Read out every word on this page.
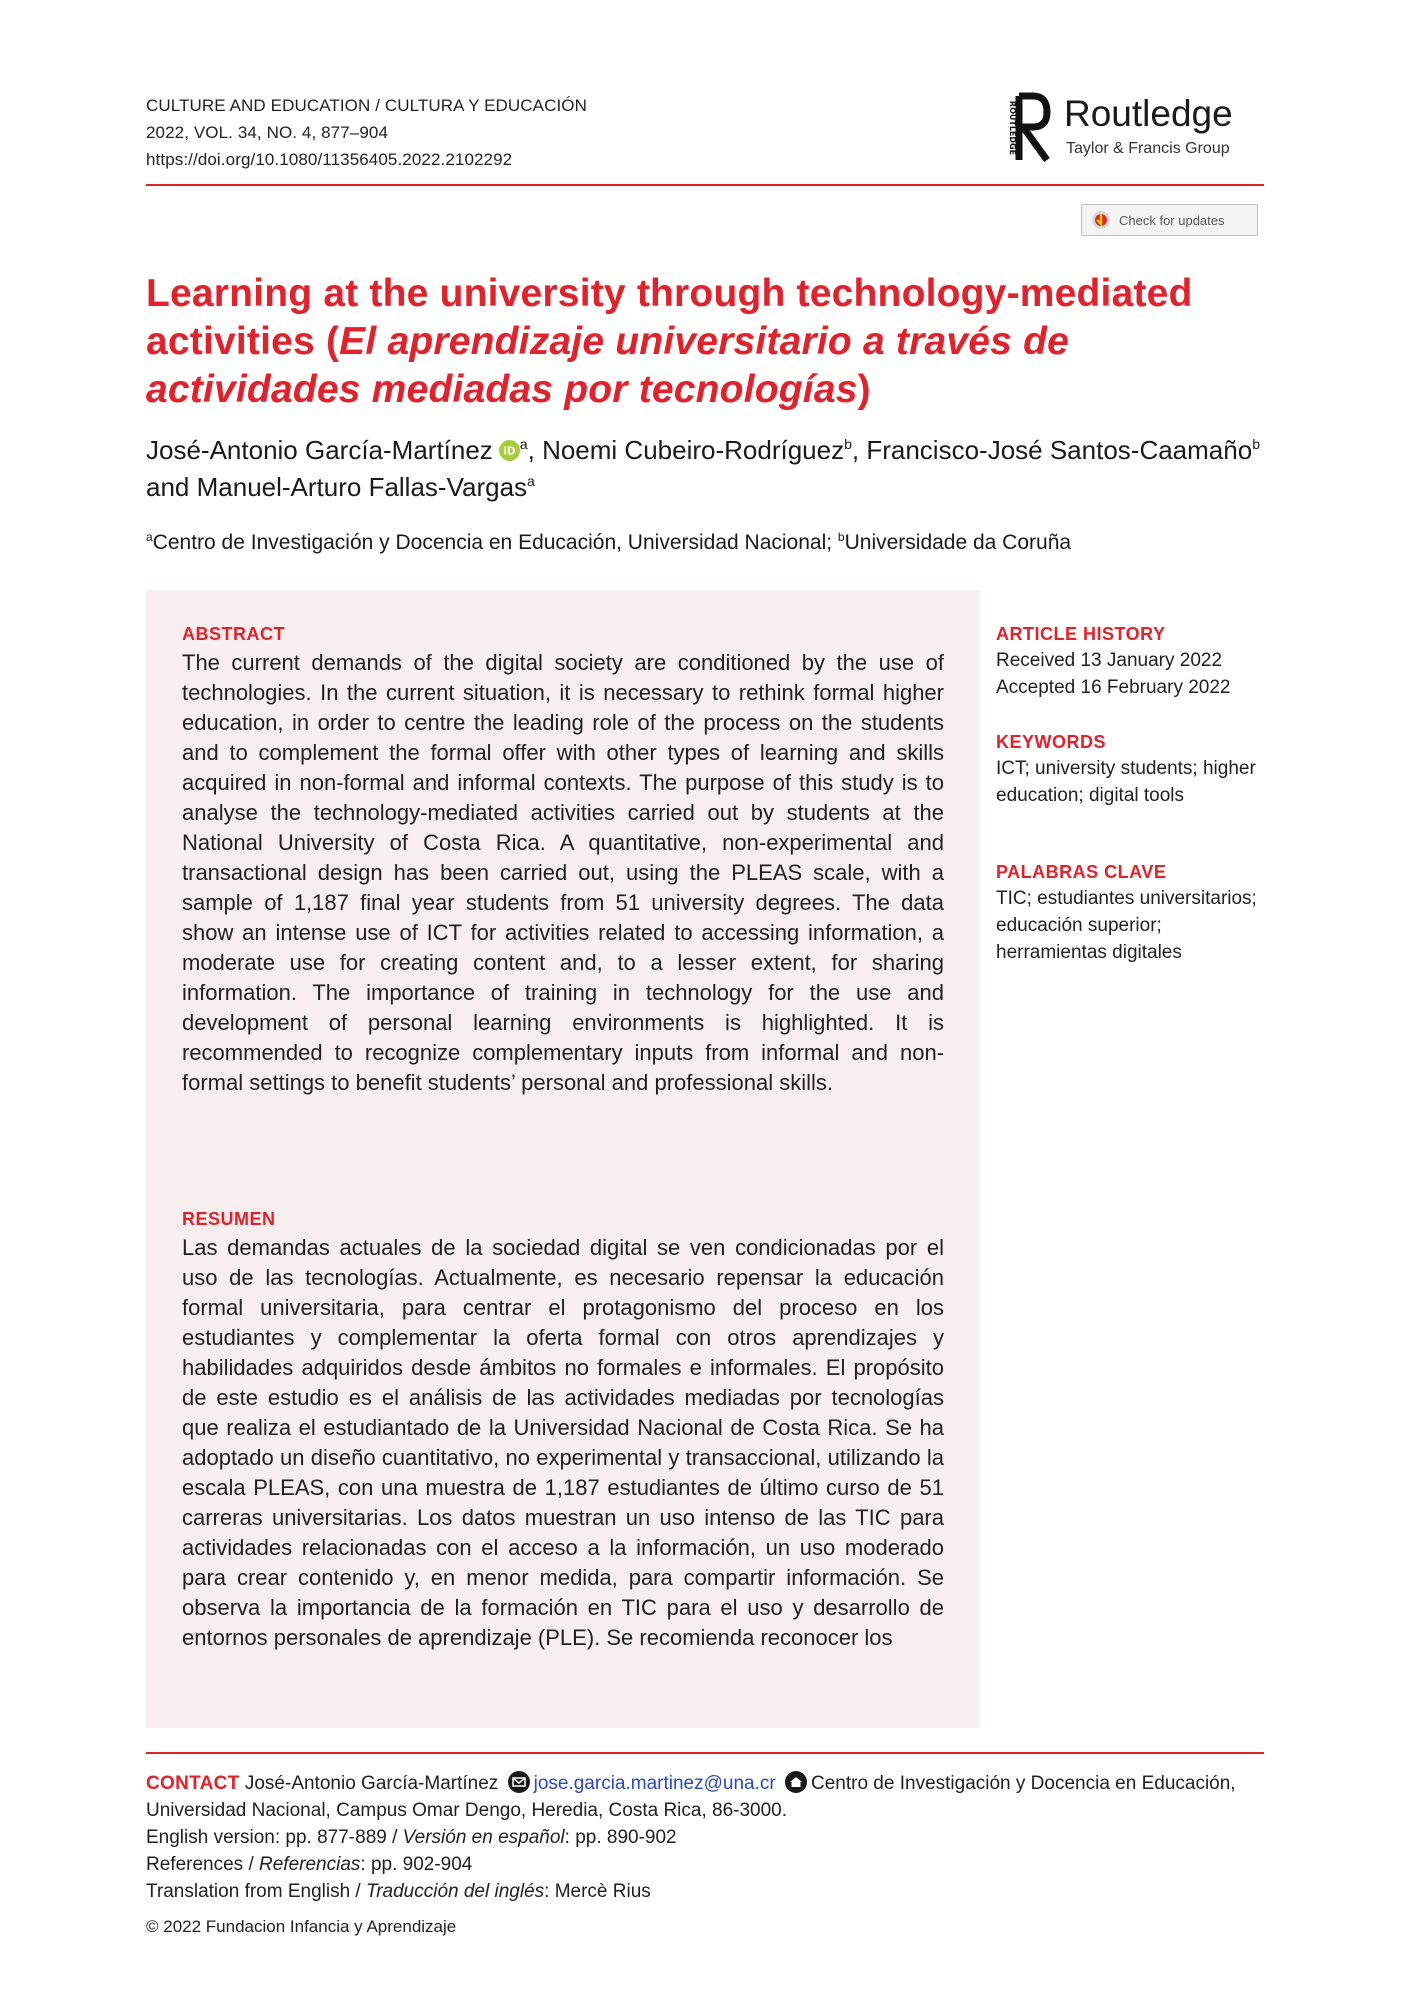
CULTURE AND EDUCATION / CULTURA Y EDUCACIÓN
2022, VOL. 34, NO. 4, 877–904
https://doi.org/10.1080/11356405.2022.2102292
ROUTLEDGE Routledge
Taylor & Francis Group
Check for updates
Learning at the university through technology-mediated activities (El aprendizaje universitario a través de actividades mediadas por tecnologías)
José-Antonio García-Martínez iD $^a$, Noemi Cubeiro-Rodríguez$^b$, Francisco-José Santos-Caamaño$^b$ and Manuel-Arturo Fallas-Vargas$^a$
$^a$Centro de Investigación y Docencia en Educación, Universidad Nacional; $^b$Universidade da Coruña
ABSTRACT
The current demands of the digital society are conditioned by the use of technologies. In the current situation, it is necessary to rethink formal higher education, in order to centre the leading role of the process on the students and to complement the formal offer with other types of learning and skills acquired in non-formal and informal contexts. The purpose of this study is to analyse the technology-mediated activities carried out by students at the National University of Costa Rica. A quantitative, non-experimental and transactional design has been carried out, using the PLEAS scale, with a sample of 1,187 final year students from 51 university degrees. The data show an intense use of ICT for activities related to accessing information, a moderate use for creating content and, to a lesser extent, for sharing information. The importance of training in technology for the use and development of personal learning environments is highlighted. It is recommended to recognize complementary inputs from informal and non-formal settings to benefit students’ personal and professional skills.
RESUMEN
Las demandas actuales de la sociedad digital se ven condicionadas por el uso de las tecnologías. Actualmente, es necesario repensar la educación formal universitaria, para centrar el protagonismo del proceso en los estudiantes y complementar la oferta formal con otros aprendizajes y habilidades adquiridos desde ámbitos no formales e informales. El propósito de este estudio es el análisis de las actividades mediadas por tecnologías que realiza el estudiantado de la Universidad Nacional de Costa Rica. Se ha adoptado un diseño cuantitativo, no experimental y transaccional, utilizando la escala PLEAS, con una muestra de 1,187 estudiantes de último curso de 51 carreras universitarias. Los datos muestran un uso intenso de las TIC para actividades relacionadas con el acceso a la información, un uso moderado para crear contenido y, en menor medida, para compartir información. Se observa la importancia de la formación en TIC para el uso y desarrollo de entornos personales de aprendizaje (PLE). Se recomienda reconocer los
ARTICLE HISTORY
Received 13 January 2022
Accepted 16 February 2022
KEYWORDS
ICT; university students; higher education; digital tools
PALABRAS CLAVE
TIC; estudiantes universitarios; educación superior; herramientas digitales
CONTACT José-Antonio García-Martínez jose.garcia.martinez@una.cr Centro de Investigación y Docencia en Educación, Universidad Nacional, Campus Omar Dengo, Heredia, Costa Rica, 86-3000.
English version: pp. 877-889 / Versión en español: pp. 890-902
References / Referencias: pp. 902-904
Translation from English / Traducción del inglés: Mercè Rius
© 2022 Fundacion Infancia y Aprendizaje
